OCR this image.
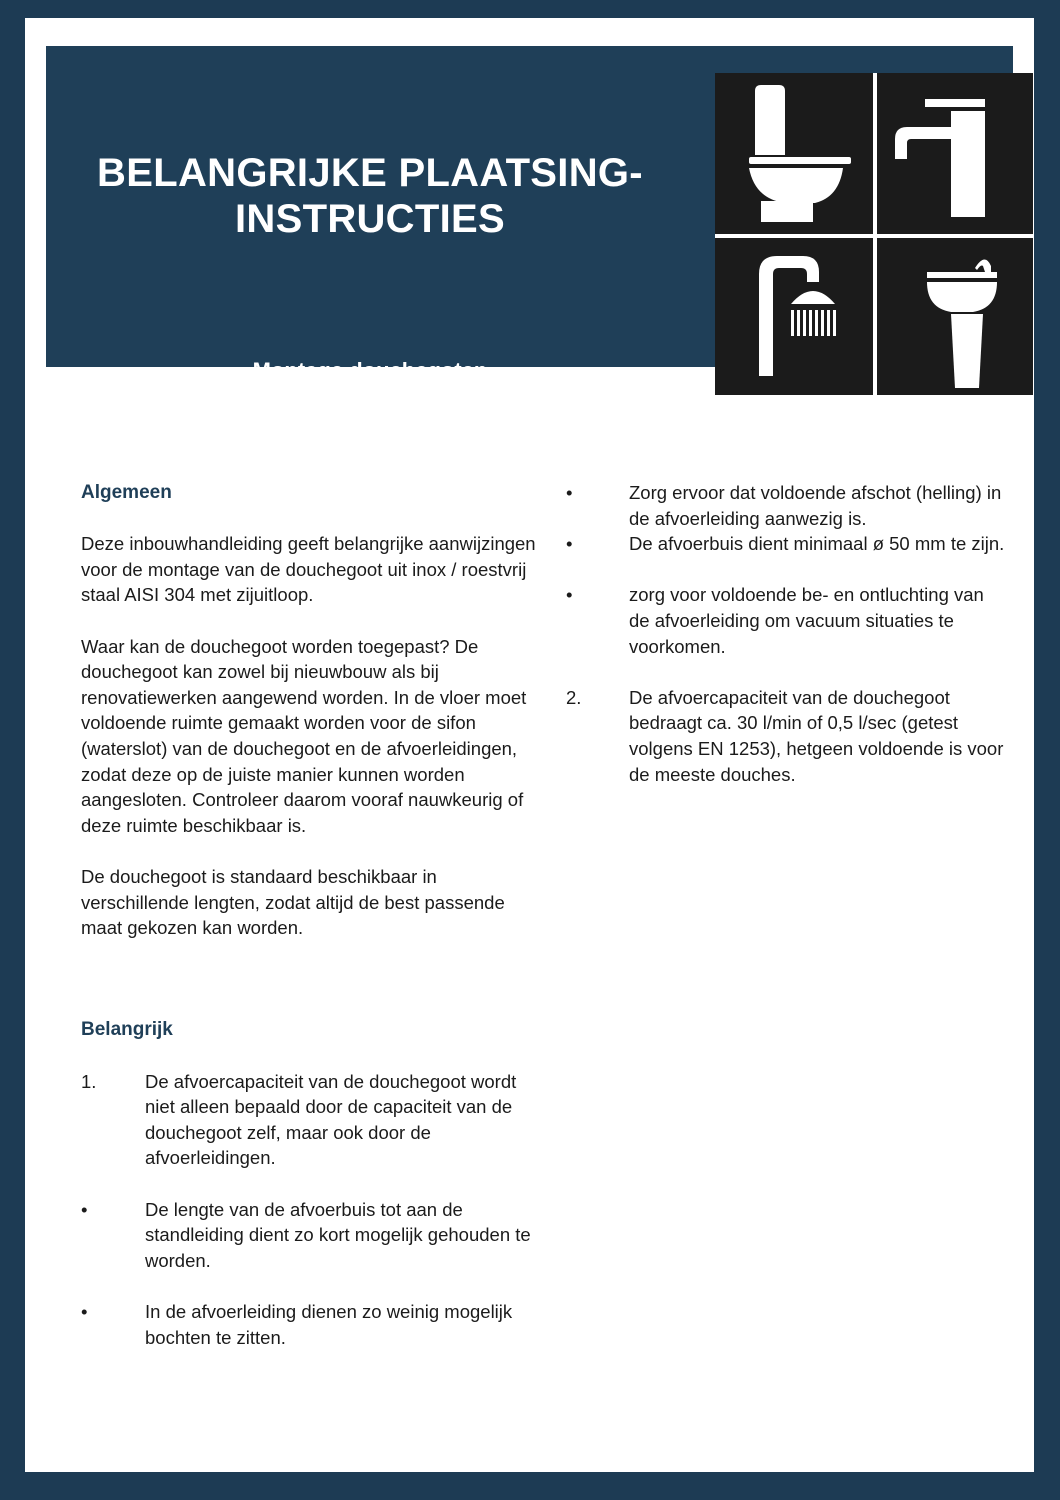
BELANGRIJKE PLAATSING-
INSTRUCTIES

Montage douchegoten

Algemeen

Deze inbouwhandleiding geeft belangrijke aanwijzingen voor de montage van de douchegoot uit inox / roestvrij staal AISI 304 met zijuitloop.

Waar kan de douchegoot worden toegepast? De douchegoot kan zowel bij nieuwbouw als bij renovatiewerken aangewend worden. In de vloer moet voldoende ruimte gemaakt worden voor de sifon (waterslot) van de douchegoot en de afvoerleidingen, zodat deze op de juiste manier kunnen worden aangesloten. Controleer daarom vooraf nauwkeurig of deze ruimte beschikbaar is.

De douchegoot is standaard beschikbaar in verschillende lengten, zodat altijd de best passende maat gekozen kan worden.

Belangrijk
1.	De afvoercapaciteit van de douchegoot wordt niet alleen bepaald door de capaciteit van de douchegoot zelf, maar ook door de afvoerleidingen.

•	De lengte van de afvoerbuis tot aan de standleiding dient zo kort mogelijk gehouden te worden.

•	In de afvoerleiding dienen zo weinig mogelijk bochten te zitten.

•	Zorg ervoor dat voldoende afschot (helling) in de afvoerleiding aanwezig is.

•	De afvoerbuis dient minimaal ø 50 mm te zijn.

•	zorg voor voldoende be- en ontluchting van de afvoerleiding om vacuum situaties te voorkomen.

2.	De afvoercapaciteit van de douchegoot bedraagt ca. 30 l/min of 0,5 l/sec (getest volgens EN 1253), hetgeen voldoende is voor de meeste douches.
